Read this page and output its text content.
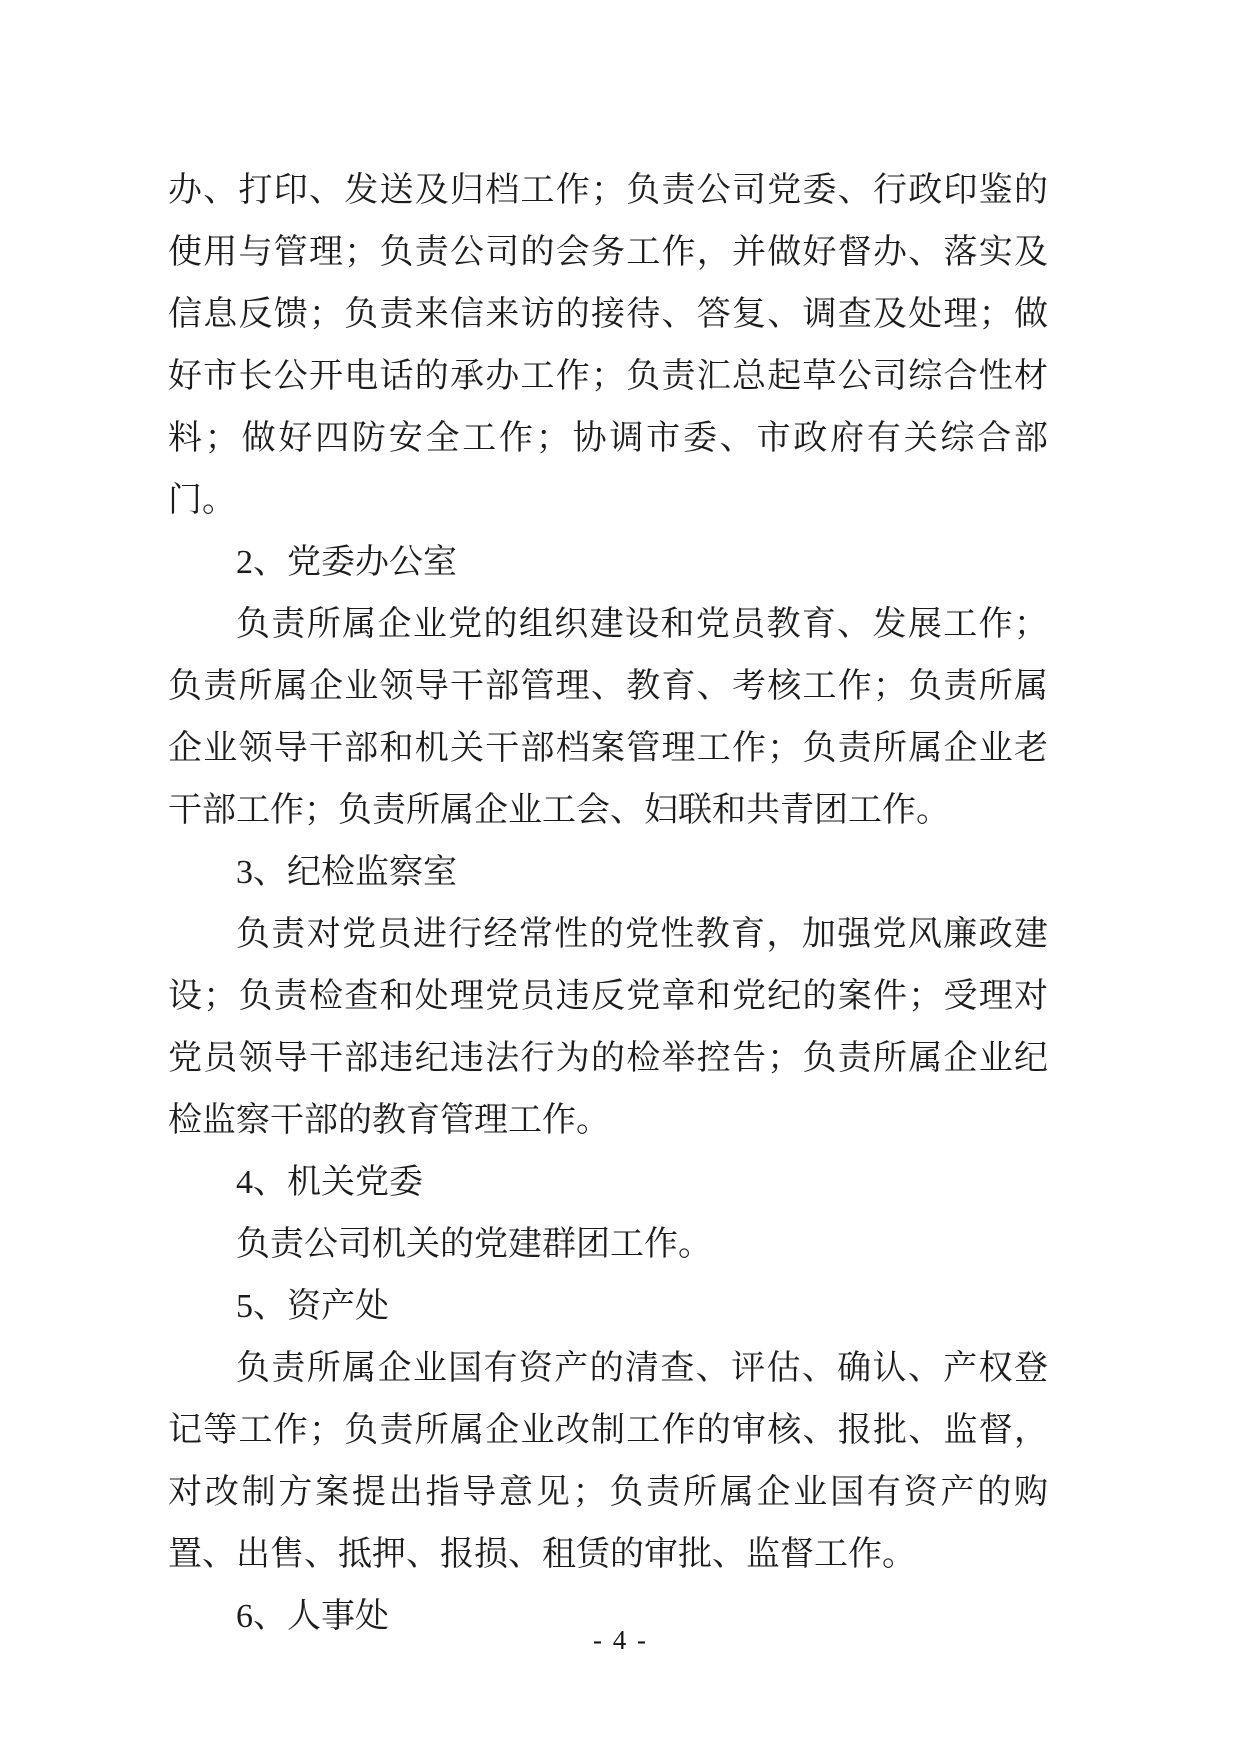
办、打印、发送及归档工作；负责公司党委、行政印鉴的使用与管理；负责公司的会务工作，并做好督办、落实及信息反馈；负责来信来访的接待、答复、调查及处理；做好市长公开电话的承办工作；负责汇总起草公司综合性材料；做好四防安全工作；协调市委、市政府有关综合部门。

2、党委办公室

负责所属企业党的组织建设和党员教育、发展工作；负责所属企业领导干部管理、教育、考核工作；负责所属企业领导干部和机关干部档案管理工作；负责所属企业老干部工作；负责所属企业工会、妇联和共青团工作。

3、纪检监察室

负责对党员进行经常性的党性教育，加强党风廉政建设；负责检查和处理党员违反党章和党纪的案件；受理对党员领导干部违纪违法行为的检举控告；负责所属企业纪检监察干部的教育管理工作。

4、机关党委

负责公司机关的党建群团工作。

5、资产处

负责所属企业国有资产的清查、评估、确认、产权登记等工作；负责所属企业改制工作的审核、报批、监督，对改制方案提出指导意见；负责所属企业国有资产的购置、出售、抵押、报损、租赁的审批、监督工作。

6、人事处

- 4 -
